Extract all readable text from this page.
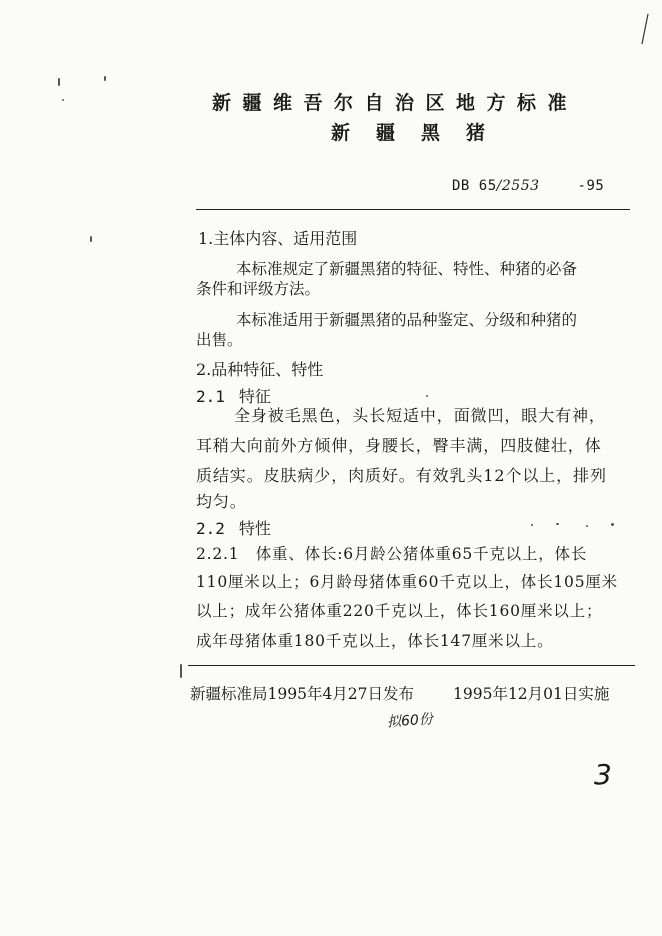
新疆维吾尔自治区地方标准
新疆黑猪
DB 65/2553	-95
1.主体内容、适用范围
本标准规定了新疆黑猪的特征、特性、种猪的必备
条件和评级方法。
本标准适用于新疆黑猪的品种鉴定、分级和种猪的
出售。
2.品种特征、特性
2.1 特征
全身被毛黑色，头长短适中，面微凹，眼大有神，
耳稍大向前外方倾伸，身腰长，臀丰满，四肢健壮，体
质结实。皮肤病少，肉质好。有效乳头12个以上，排列
均匀。
2.2 特性
2.2.1　体重、体长:6月龄公猪体重65千克以上，体长
110厘米以上；6月龄母猪体重60千克以上，体长105厘米
以上；成年公猪体重220千克以上，体长160厘米以上；
成年母猪体重180千克以上，体长147厘米以上。
新疆标准局1995年4月27日发布	1995年12月01日实施
拟60份
3
